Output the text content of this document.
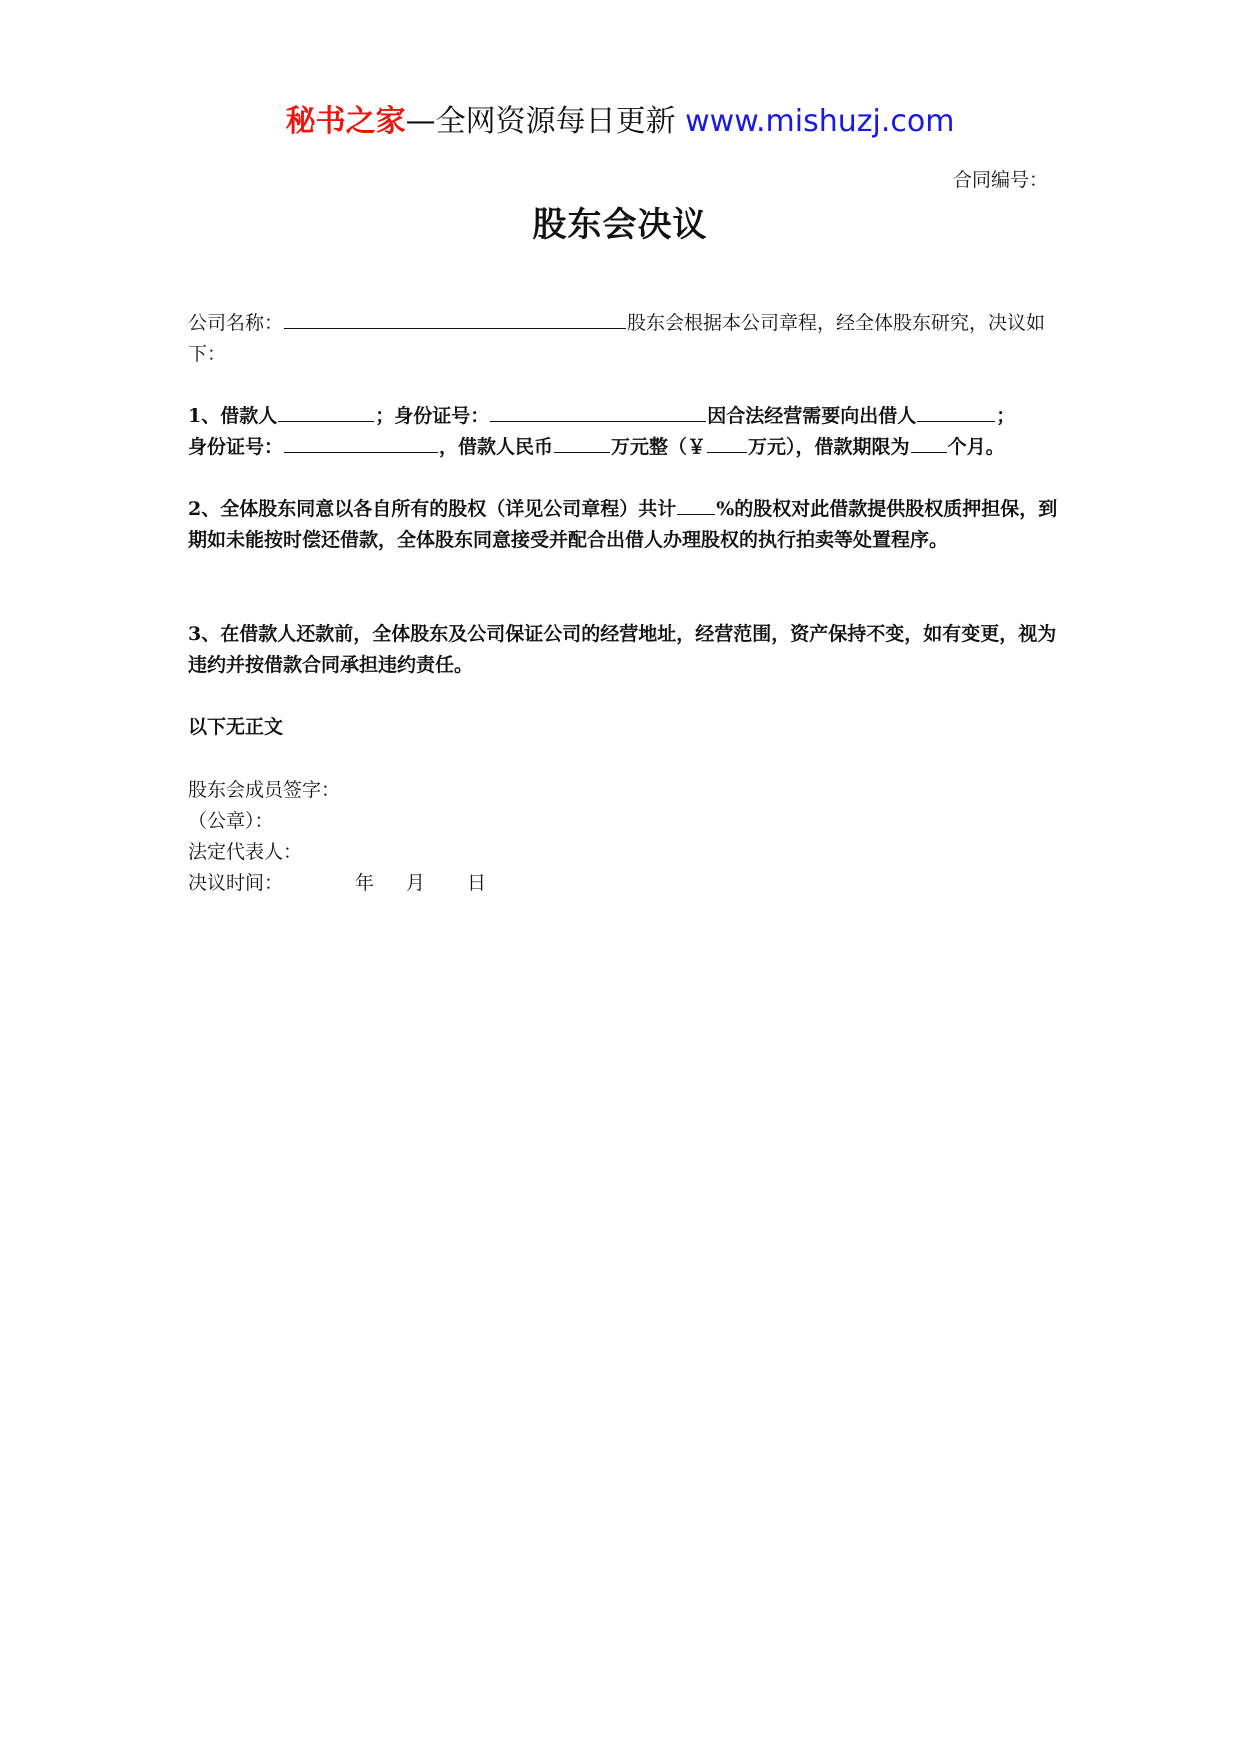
秘书之家—全网资源每日更新 www.mishuzj.com
合同编号：
股东会决议
公司名称：	股东会根据本公司章程，经全体股东研究，决议如下：
1、借款人	；身份证号：	因合法经营需要向出借人	；
身份证号：	，借款人民币	万元整（￥ 万元），借款期限为 个月。
2、全体股东同意以各自所有的股权（详见公司章程）共计 %的股权对此借款提供股权质押担保，到期如未能按时偿还借款，全体股东同意接受并配合出借人办理股权的执行拍卖等处置程序。
3、在借款人还款前，全体股东及公司保证公司的经营地址，经营范围，资产保持不变，如有变更，视为违约并按借款合同承担违约责任。
以下无正文
股东会成员签字：
（公章）：
法定代表人：
决议时间：	年 月 日
